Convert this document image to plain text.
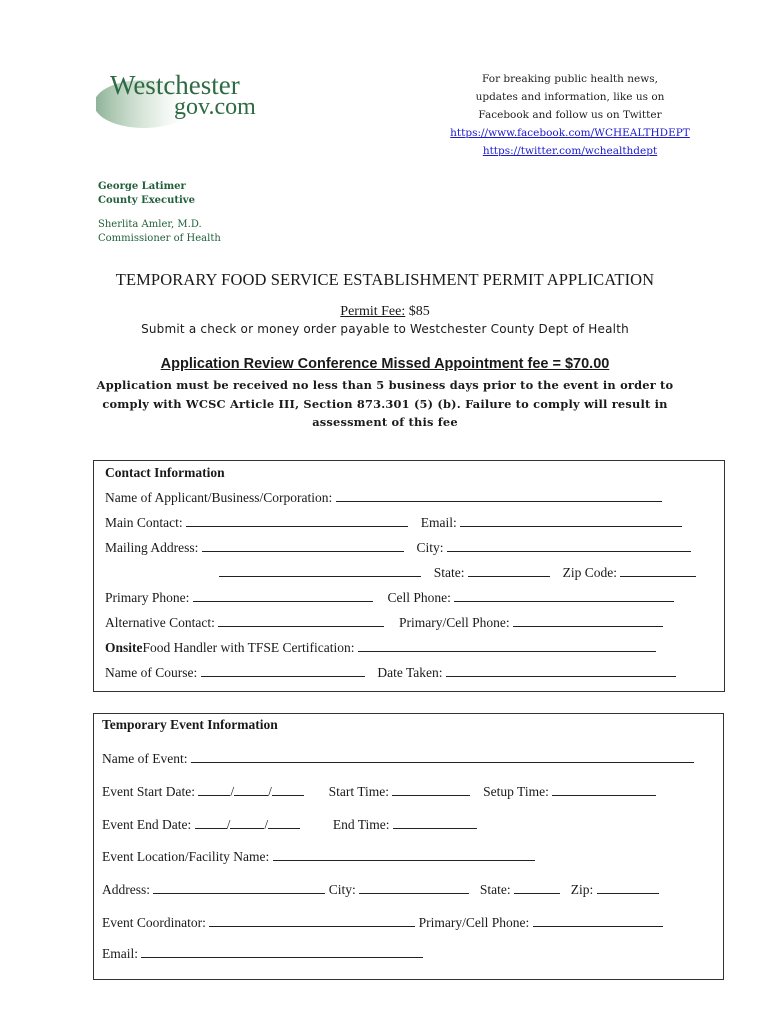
Westchester
gov.com
For breaking public health news,
updates and information, like us on
Facebook and follow us on Twitter
https://www.facebook.com/WCHEALTHDEPT
https://twitter.com/wchealthdept
George Latimer
County Executive
Sherlita Amler, M.D.
Commissioner of Health
TEMPORARY FOOD SERVICE ESTABLISHMENT PERMIT APPLICATION
Permit Fee: $85
Submit a check or money order payable to Westchester County Dept of Health
Application Review Conference Missed Appointment fee = $70.00
Application must be received no less than 5 business days prior to the event in order to
comply with WCSC Article III, Section 873.301 (5) (b). Failure to comply will result in
assessment of this fee
Contact Information
Name of Applicant/Business/Corporation:
Main Contact:	Email:
Mailing Address:	City:
State:	Zip Code:
Primary Phone:	Cell Phone:
Alternative Contact:	Primary/Cell Phone:
OnsiteFood Handler with TFSE Certification:
Name of Course:	Date Taken:
Temporary Event Information
Name of Event:
Event Start Date:	/	/	Start Time:	Setup Time:
Event End Date:	/	/	End Time:
Event Location/Facility Name:
Address:	City:	State:	Zip:
Event Coordinator:	Primary/Cell Phone:
Email:
